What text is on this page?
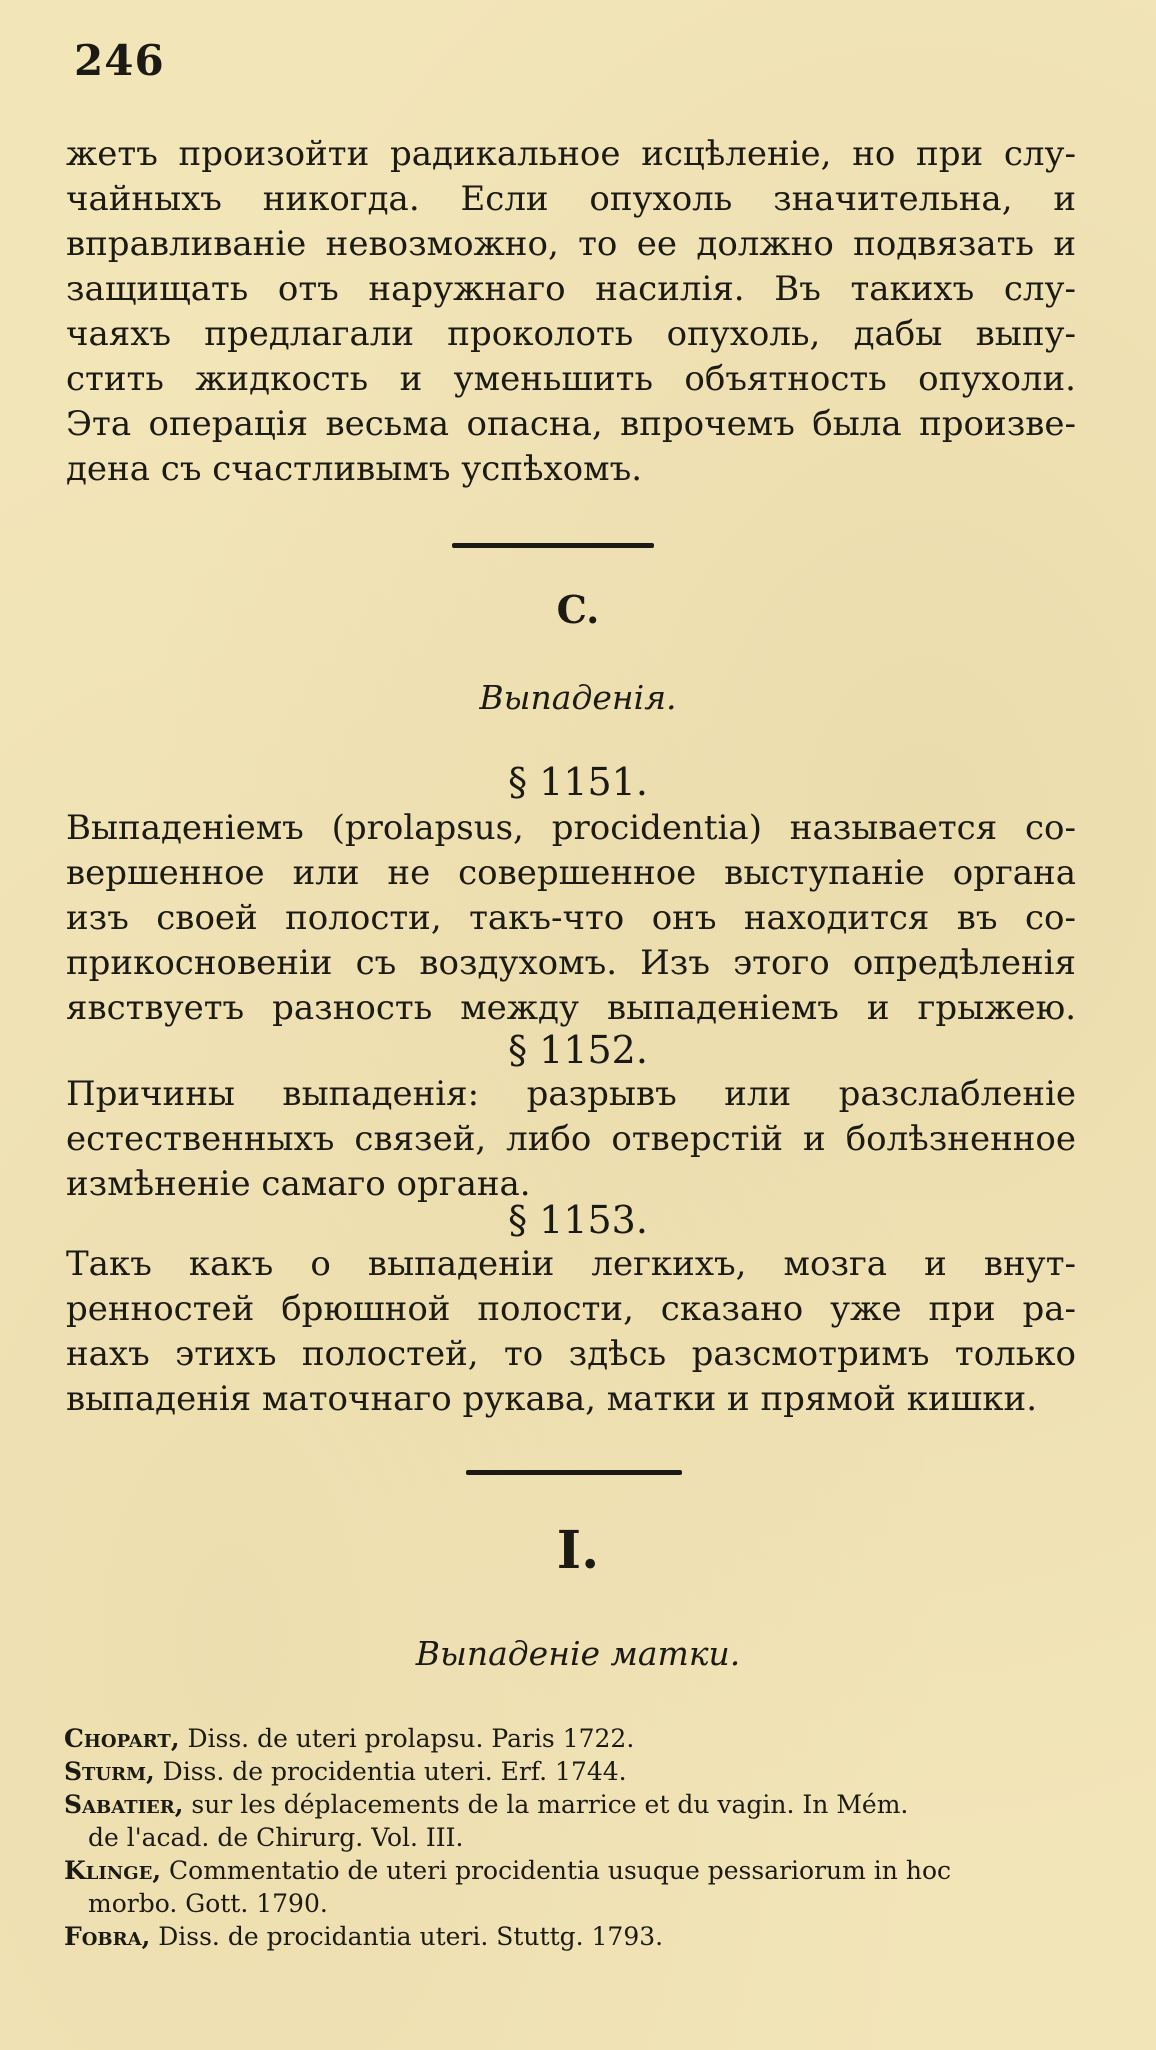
246
жетъ произойти радикальное исцѣленіе, но при слу-
чайныхъ никогда. Если опухоль значительна, и
вправливаніе невозможно, то ее должно подвязать и
защищать отъ наружнаго насилія. Въ такихъ слу-
чаяхъ предлагали проколоть опухоль, дабы выпу-
стить жидкость и уменьшить объятность опухоли.
Эта операція весьма опасна, впрочемъ была произве-
дена съ счастливымъ успѣхомъ.
C.
Выпаденія.
§ 1151.
Выпаденіемъ (prolapsus, procidentia) называется со-
вершенное или не совершенное выступаніе органа
изъ своей полости, такъ-что онъ находится въ со-
прикосновеніи съ воздухомъ. Изъ этого опредѣленія
явствуетъ разность между выпаденіемъ и грыжею.
§ 1152.
Причины выпаденія: разрывъ или разслабленіе
естественныхъ связей, либо отверстій и болѣзненное
измѣненіе самаго органа.
§ 1153.
Такъ какъ о выпаденіи легкихъ, мозга и внут-
ренностей брюшной полости, сказано уже при ра-
нахъ этихъ полостей, то здѣсь разсмотримъ только
выпаденія маточнаго рукава, матки и прямой кишки.
I.
Выпаденіе матки.
Chopart, Diss. de uteri prolapsu. Paris 1722.
Sturm, Diss. de procidentia uteri. Erf. 1744.
Sabatier, sur les déplacements de la marrice et du vagin. In Mém.
de l'acad. de Chirurg. Vol. III.
Klinge, Commentatio de uteri procidentia usuque pessariorum in hoc
morbo. Gott. 1790.
Fobra, Diss. de procidantia uteri. Stuttg. 1793.
